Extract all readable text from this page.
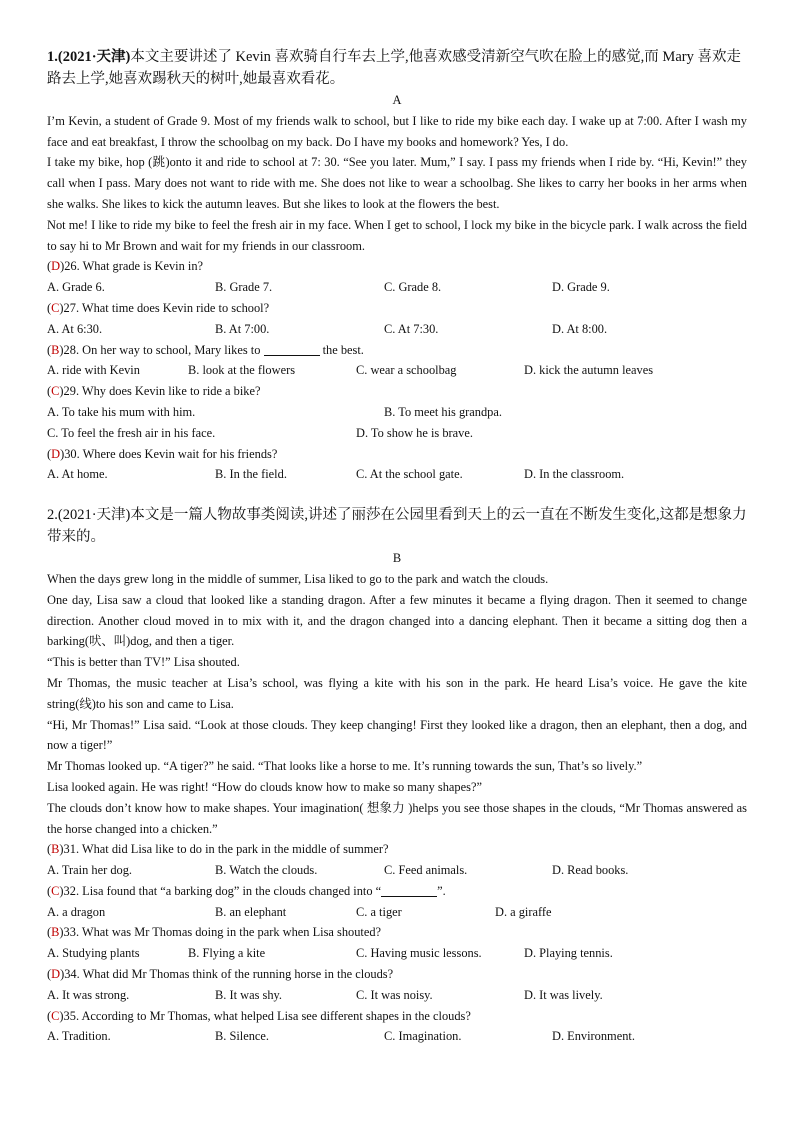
1.(2021·天津)本文主要讲述了 Kevin 喜欢骑自行车去上学,他喜欢感受清新空气吹在脸上的感觉,而 Mary 喜欢走路去上学,她喜欢踢秋天的树叶,她最喜欢看花。
A
I’m Kevin, a student of Grade 9. Most of my friends walk to school, but I like to ride my bike each day. I wake up at 7:00. After I wash my face and eat breakfast, I throw the schoolbag on my back. Do I have my books and homework? Yes, I do.
I take my bike, hop (跳)onto it and ride to school at 7: 30. “See you later. Mum,” I say. I pass my friends when I ride by. “Hi, Kevin!” they call when I pass. Mary does not want to ride with me. She does not like to wear a schoolbag. She likes to carry her books in her arms when she walks. She likes to kick the autumn leaves. But she likes to look at the flowers the best.
Not me! I like to ride my bike to feel the fresh air in my face. When I get to school, I lock my bike in the bicycle park. I walk across the field to say hi to Mr Brown and wait for my friends in our classroom.
(D)26. What grade is Kevin in?
A. Grade 6.	B. Grade 7.	C. Grade 8.	D. Grade 9.
(C)27. What time does Kevin ride to school?
A. At 6:30.	B. At 7:00.	C. At 7:30.	D. At 8:00.
(B)28. On her way to school, Mary likes to	the best.
A. ride with Kevin	B. look at the flowers	C. wear a schoolbag	D. kick the autumn leaves
(C)29. Why does Kevin like to ride a bike?
A. To take his mum with him.	B. To meet his grandpa.
C. To feel the fresh air in his face.	D. To show he is brave.
(D)30. Where does Kevin wait for his friends?
A. At home.	B. In the field.	C. At the school gate.	D. In the classroom.
2.(2021·天津)本文是一篇人物故事类阅读,讲述了丽莎在公园里看到天上的云一直在不断发生变化,这都是想象力带来的。
B
When the days grew long in the middle of summer, Lisa liked to go to the park and watch the clouds.
One day, Lisa saw a cloud that looked like a standing dragon. After a few minutes it became a flying dragon. Then it seemed to change direction. Another cloud moved in to mix with it, and the dragon changed into a dancing elephant. Then it became a sitting dog then a barking(吠、叫)dog, and then a tiger.
“This is better than TV!” Lisa shouted.
Mr Thomas, the music teacher at Lisa’s school, was flying a kite with his son in the park. He heard Lisa’s voice. He gave the kite string(线)to his son and came to Lisa.
“Hi, Mr Thomas!” Lisa said. “Look at those clouds. They keep changing! First they looked like a dragon, then an elephant, then a dog, and now a tiger!”
Mr Thomas looked up. “A tiger?” he said. “That looks like a horse to me. It’s running towards the sun, That’s so lively.”
Lisa looked again. He was right! “How do clouds know how to make so many shapes?”
The clouds don’t know how to make shapes. Your imagination( 想象力 )helps you see those shapes in the clouds, “Mr Thomas answered as the horse changed into a chicken.”
(B)31. What did Lisa like to do in the park in the middle of summer?
A. Train her dog.	B. Watch the clouds.	C. Feed animals.	D. Read books.
(C)32. Lisa found that “a barking dog” in the clouds changed into “	”.
A. a dragon	B. an elephant	C. a tiger	D. a giraffe
(B)33. What was Mr Thomas doing in the park when Lisa shouted?
A. Studying plants	B. Flying a kite	C. Having music lessons.	D. Playing tennis.
(D)34. What did Mr Thomas think of the running horse in the clouds?
A. It was strong.	B. It was shy.	C. It was noisy.	D. It was lively.
(C)35. According to Mr Thomas, what helped Lisa see different shapes in the clouds?
A. Tradition.	B. Silence.	C. Imagination.	D. Environment.
